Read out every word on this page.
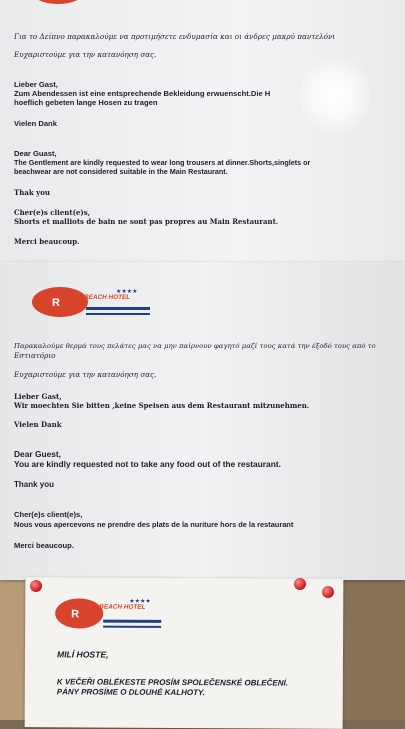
Για το Δείπνο παρακαλούμε να προτιμήσετε ενδυμασία και οι άνδρες μακρύ παντελόνι

Ευχαριστούμε για την κατανόηση σας.

Lieber Gast,

Zum Abendessen ist eine entsprechende Bekleidung erwuenscht.Die H

hoeflich gebeten lange Hosen zu tragen

Vielen Dank

Dear Guast,

The Gentlement are kindly requested to wear long trousers at dinner.Shorts,singlets or

beachwear are not considered suitable in the Main Restaurant.

Thak you

Cher(e)s client(e)s,

Shorts et malliots de bain ne sont pas propres au Main Restaurant.

Merci beaucoup.

R	BEACH HOTEL

★★★★

Παρακαλούμε θερμά τους πελάτες μας να μην παίρνουν φαγητό μαζί τους κατά την έξοδό τους από το

Εστιατόριο

Ευχαριστούμε για την κατανόηση σας.

Lieber Gast,

Wir moechten Sie bitten ,keine Speisen aus dem Restaurant mitzunehmen.

Vielen Dank

Dear Guest,

You are kindly requested not to take any food out of the restaurant.

Thank you

Cher(e)s client(e)s,

Nous vous apercevons ne prendre des plats de la nuriture hors de la restaurant

Merci beaucoup.

R

BEACH HOTEL

★★★★

MILÍ HOSTE,

K VEČEŘI OBLÉKESTE PROSÍM SPOLEČENSKÉ OBLEČENÍ.

PÁNY PROSÍME O DLOUHÉ KALHOTY.
